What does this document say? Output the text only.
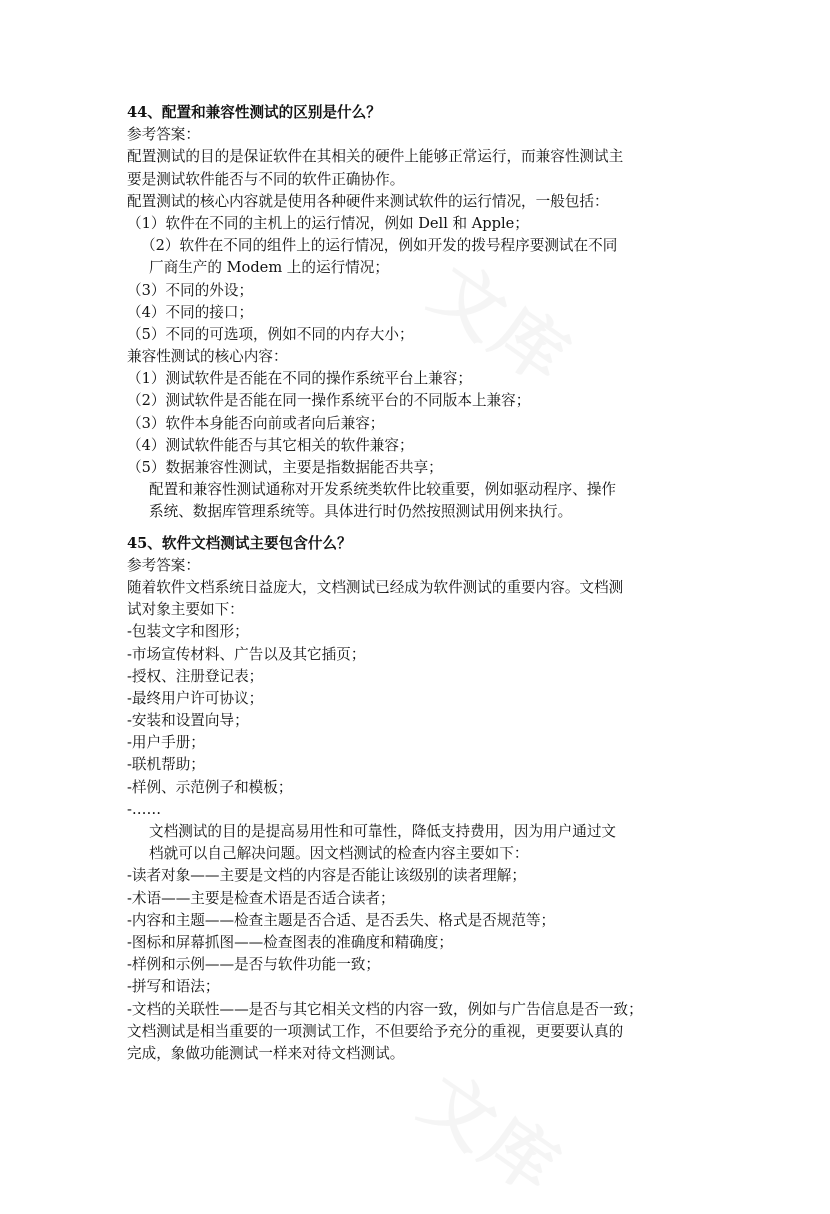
44、配置和兼容性测试的区别是什么？
参考答案：
配置测试的目的是保证软件在其相关的硬件上能够正常运行，而兼容性测试主
要是测试软件能否与不同的软件正确协作。
配置测试的核心内容就是使用各种硬件来测试软件的运行情况，一般包括：
（1）软件在不同的主机上的运行情况，例如 Dell 和 Apple；
（2）软件在不同的组件上的运行情况，例如开发的拨号程序要测试在不同
厂商生产的 Modem 上的运行情况；
（3）不同的外设；
（4）不同的接口；
（5）不同的可选项，例如不同的内存大小；
兼容性测试的核心内容：
（1）测试软件是否能在不同的操作系统平台上兼容；
（2）测试软件是否能在同一操作系统平台的不同版本上兼容；
（3）软件本身能否向前或者向后兼容；
（4）测试软件能否与其它相关的软件兼容；
（5）数据兼容性测试，主要是指数据能否共享；
配置和兼容性测试通称对开发系统类软件比较重要，例如驱动程序、操作
系统、数据库管理系统等。具体进行时仍然按照测试用例来执行。
45、软件文档测试主要包含什么？
参考答案：
随着软件文档系统日益庞大，文档测试已经成为软件测试的重要内容。文档测
试对象主要如下：
-包装文字和图形；
-市场宣传材料、广告以及其它插页；
-授权、注册登记表；
-最终用户许可协议；
-安装和设置向导；
-用户手册；
-联机帮助；
-样例、示范例子和模板；
-……
文档测试的目的是提高易用性和可靠性，降低支持费用，因为用户通过文
档就可以自己解决问题。因文档测试的检查内容主要如下：
-读者对象——主要是文档的内容是否能让该级别的读者理解；
-术语——主要是检查术语是否适合读者；
-内容和主题——检查主题是否合适、是否丢失、格式是否规范等；
-图标和屏幕抓图——检查图表的准确度和精确度；
-样例和示例——是否与软件功能一致；
-拼写和语法；
-文档的关联性——是否与其它相关文档的内容一致，例如与广告信息是否一致；
文档测试是相当重要的一项测试工作，不但要给予充分的重视，更要要认真的
完成，象做功能测试一样来对待文档测试。
